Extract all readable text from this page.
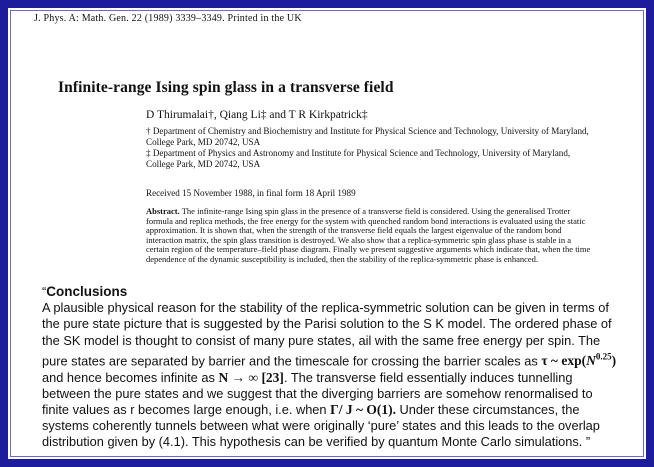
J. Phys. A: Math. Gen. 22 (1989) 3339–3349. Printed in the UK
Infinite-range Ising spin glass in a transverse field
D Thirumalai†, Qiang Li‡ and T R Kirkpatrick‡
† Department of Chemistry and Biochemistry and Institute for Physical Science and Technology, University of Maryland, College Park, MD 20742, USA
‡ Department of Physics and Astronomy and Institute for Physical Science and Technology, University of Maryland, College Park, MD 20742, USA
Received 15 November 1988, in final form 18 April 1989
Abstract. The infinite-range Ising spin glass in the presence of a transverse field is considered. Using the generalised Trotter formula and replica methods, the free energy for the system with quenched random bond interactions is evaluated using the static approximation. It is shown that, when the strength of the transverse field equals the largest eigenvalue of the random bond interaction matrix, the spin glass transition is destroyed. We also show that a replica-symmetric spin glass phase is stable in a certain region of the temperature–field phase diagram. Finally we present suggestive arguments which indicate that, when the time dependence of the dynamic susceptibility is included, then the stability of the replica-symmetric phase is enhanced.
“Conclusions
A plausible physical reason for the stability of the replica-symmetric solution can be given in terms of the pure state picture that is suggested by the Parisi solution to the S K model. The ordered phase of the SK model is thought to consist of many pure states, ail with the same free energy per spin. The pure states are separated by barrier and the timescale for crossing the barrier scales as τ ~ $\exp(N^{0.25})$ and hence becomes infinite as N → ∞ [23]. The transverse field essentially induces tunnelling between the pure states and we suggest that the diverging barriers are somehow renormalised to finite values as r becomes large enough, i.e. when Γ/ J ~ O(1). Under these circumstances, the systems coherently tunnels between what were originally ‘pure’ states and this leads to the overlap distribution given by (4.1). This hypothesis can be verified by quantum Monte Carlo simulations. ”
